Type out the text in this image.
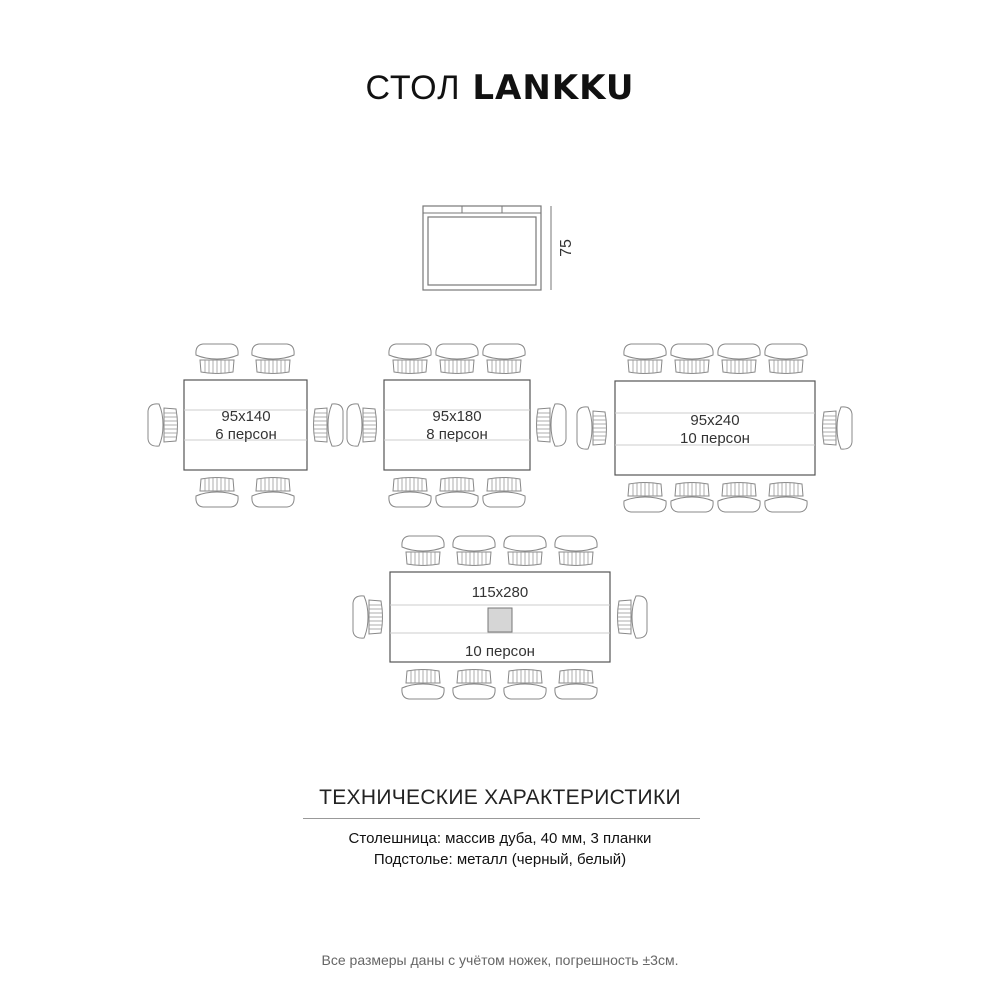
СТОЛ LANKKU
75
95x140
6 персон
95x180
8 персон
95x240
10 персон
115x280
10 персон
ТЕХНИЧЕСКИЕ ХАРАКТЕРИСТИКИ
Столешница: массив дуба, 40 мм, 3 планки
Подстолье: металл (черный, белый)
Все размеры даны с учётом ножек, погрешность ±3см.
